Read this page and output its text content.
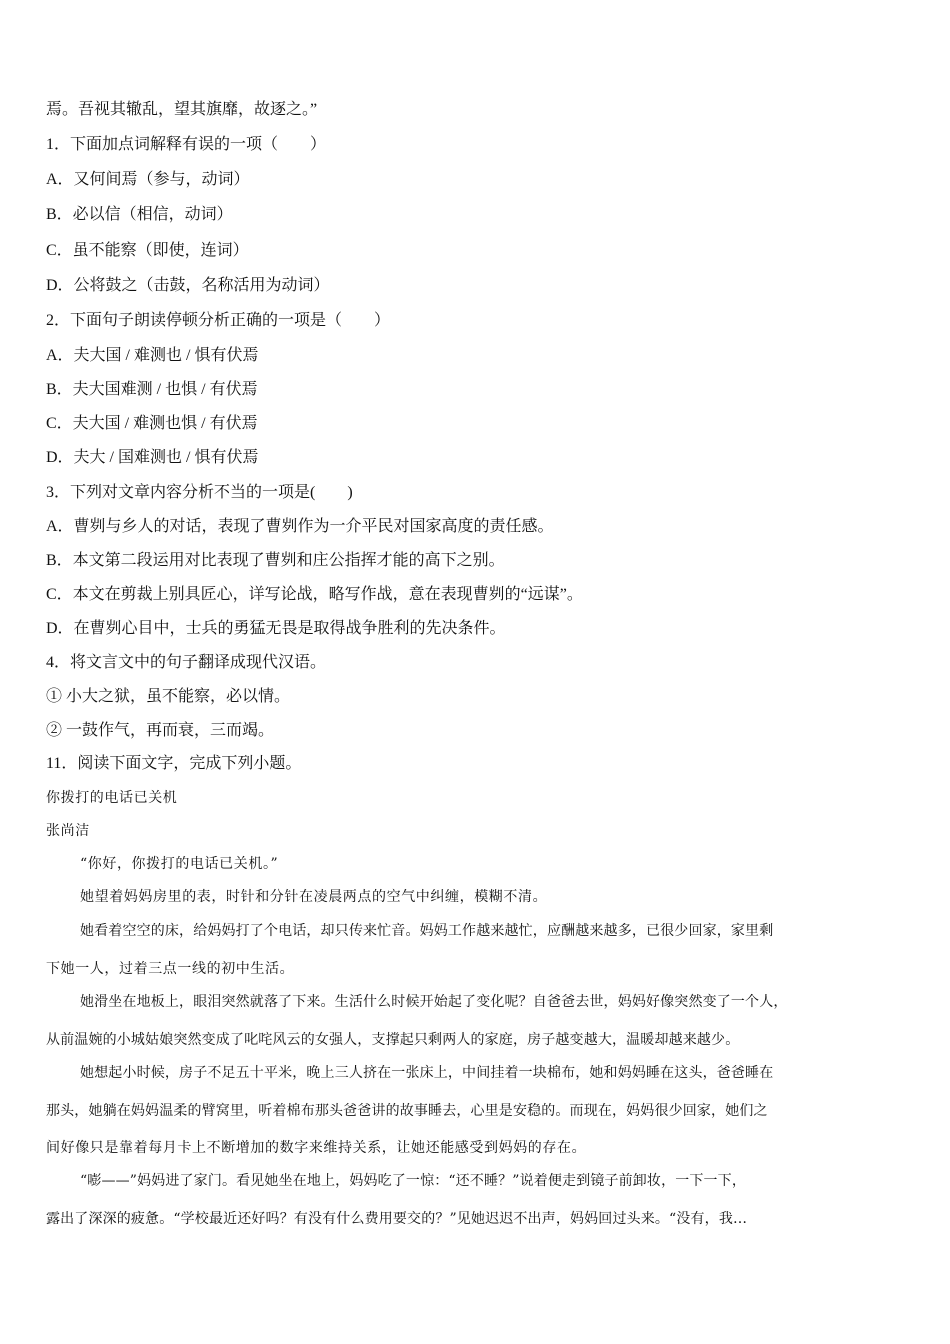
焉。吾视其辙乱，望其旗靡，故逐之。”
1．下面加点词解释有误的一项（　　）
A．又何间焉（参与，动词）
B．必以信（相信，动词）
C．虽不能察（即使，连词）
D．公将鼓之（击鼓，名称活用为动词）
2．下面句子朗读停顿分析正确的一项是（　　）
A．夫大国 / 难测也 / 惧有伏焉
B．夫大国难测 / 也惧 / 有伏焉
C．夫大国 / 难测也惧 / 有伏焉
D．夫大 / 国难测也 / 惧有伏焉
3．下列对文章内容分析不当的一项是(　　)
A．曹刿与乡人的对话，表现了曹刿作为一介平民对国家高度的责任感。
B．本文第二段运用对比表现了曹刿和庄公指挥才能的高下之别。
C．本文在剪裁上别具匠心，详写论战，略写作战，意在表现曹刿的“远谋”。
D．在曹刿心目中，士兵的勇猛无畏是取得战争胜利的先决条件。
4．将文言文中的句子翻译成现代汉语。
① 小大之狱，虽不能察，必以情。
② 一鼓作气，再而衰，三而竭。
11．阅读下面文字，完成下列小题。
你拨打的电话已关机
张尚洁
“你好，你拨打的电话已关机。”
她望着妈妈房里的表，时针和分针在凌晨两点的空气中纠缠，模糊不清。
她看着空空的床，给妈妈打了个电话，却只传来忙音。妈妈工作越来越忙，应酬越来越多，已很少回家，家里剩
下她一人，过着三点一线的初中生活。
她滑坐在地板上，眼泪突然就落了下来。生活什么时候开始起了变化呢？自爸爸去世，妈妈好像突然变了一个人，
从前温婉的小城姑娘突然变成了叱咤风云的女强人，支撑起只剩两人的家庭，房子越变越大，温暖却越来越少。
她想起小时候，房子不足五十平米，晚上三人挤在一张床上，中间挂着一块棉布，她和妈妈睡在这头，爸爸睡在
那头，她躺在妈妈温柔的臂窝里，听着棉布那头爸爸讲的故事睡去，心里是安稳的。而现在，妈妈很少回家，她们之
间好像只是靠着每月卡上不断增加的数字来维持关系，让她还能感受到妈妈的存在。
“嘭——”妈妈进了家门。看见她坐在地上，妈妈吃了一惊：“还不睡？”说着便走到镜子前卸妆，一下一下，
露出了深深的疲惫。“学校最近还好吗？有没有什么费用要交的？”见她迟迟不出声，妈妈回过头来。“没有，我…
